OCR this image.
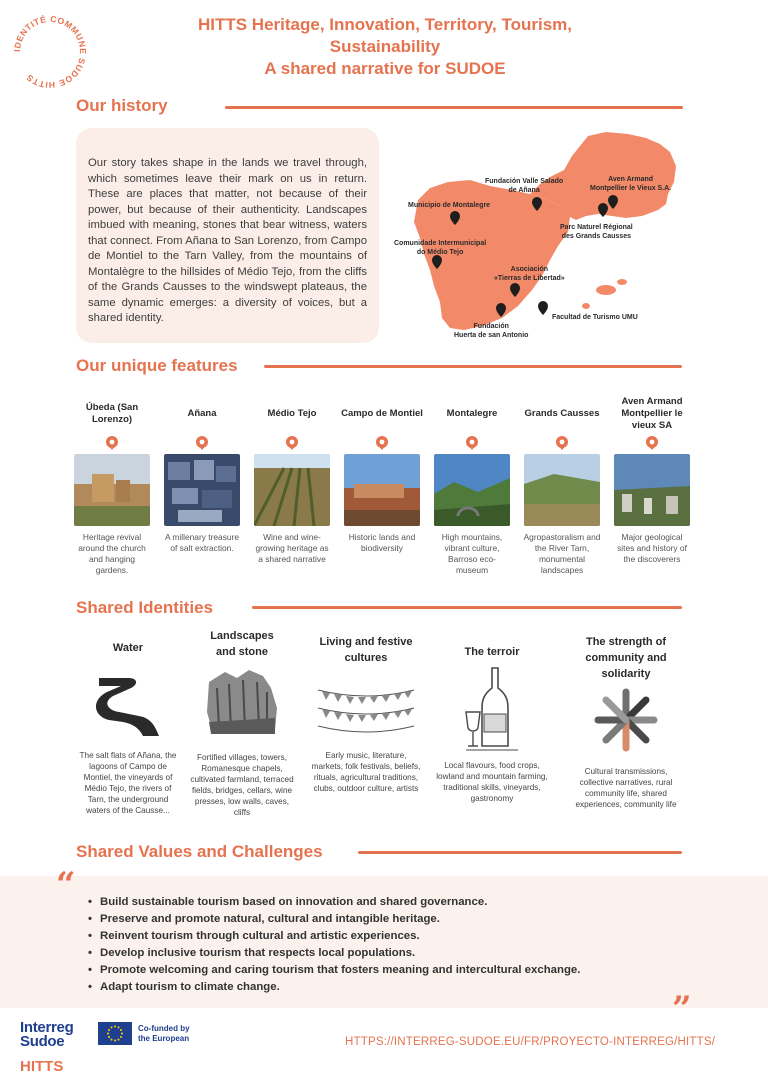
IDENTITÉ COMMUNE SUDOE HITTS
HITTS Heritage, Innovation, Territory, Tourism,
Sustainability
A shared narrative for SUDOE
Our history

Our story takes shape in the lands we travel through, which sometimes leave their mark on us in return. These are places that matter, not because of their power, but because of their authenticity. Landscapes imbued with meaning, stones that bear witness, waters that connect. From Añana to San Lorenzo, from Campo de Montiel to the Tarn Valley, from the mountains of Montalègre to the hillsides of Médio Tejo, from the cliffs of the Grands Causses to the windswept plateaus, the same dynamic emerges: a diversity of voices, but a shared identity.

Fundación Valle Salado
de Añana
Aven Armand
Montpellier le Vieux S.A.
Municipio de Montalegre
Parc Naturel Régional
des Grands Causses
Comunidade Intermunicipal
do Médio Tejo
Asociación
«Tierras de Libertad»
Facultad de Turismo UMU
Fundación
Huerta de san Antonio
Our unique features
Úbeda (San Lorenzo)
Heritage revival around the church and hanging gardens.
Añana
A millenary treasure of salt extraction.
Médio Tejo
Wine and wine-growing heritage as a shared narrative
Campo de Montiel
Historic lands and biodiversity
Montalegre
High mountains, vibrant culture, Barroso eco-museum
Grands Causses
Agropastoralism and the River Tarn, monumental landscapes
Aven Armand Montpellier le vieux SA
Major geological sites and history of the discoverers
Shared Identities
Water
The salt flats of Añana, the lagoons of Campo de Montiel, the vineyards of Médio Tejo, the rivers of Tarn, the underground waters of the Causse...
Landscapes and stone
Fortified villages, towers, Romanesque chapels, cultivated farmland, terraced fields, bridges, cellars, wine presses, low walls, caves, cliffs
Living and festive cultures
Early music, literature, markets, folk festivals, beliefs, rituals, agricultural traditions, clubs, outdoor culture, artists
The terroir
Local flavours, food crops, lowland and mountain farming, traditional skills, vineyards, gastronomy
The strength of community and solidarity
Cultural transmissions, collective narratives, rural community life, shared experiences, community life
Shared Values and Challenges
“
•	Build sustainable tourism based on innovation and shared governance.
• Preserve and promote natural, cultural and intangible heritage.
• Reinvent tourism through cultural and artistic experiences.
• Develop inclusive tourism that respects local populations.
• Promote welcoming and caring tourism that fosters meaning and intercultural exchange.
• Adapt tourism to climate change.
”
Interreg
Sudoe
HITTS
Co-funded by
the European	HTTPS://INTERREG-SUDOE.EU/FR/PROYECTO-INTERREG/HITTS/
